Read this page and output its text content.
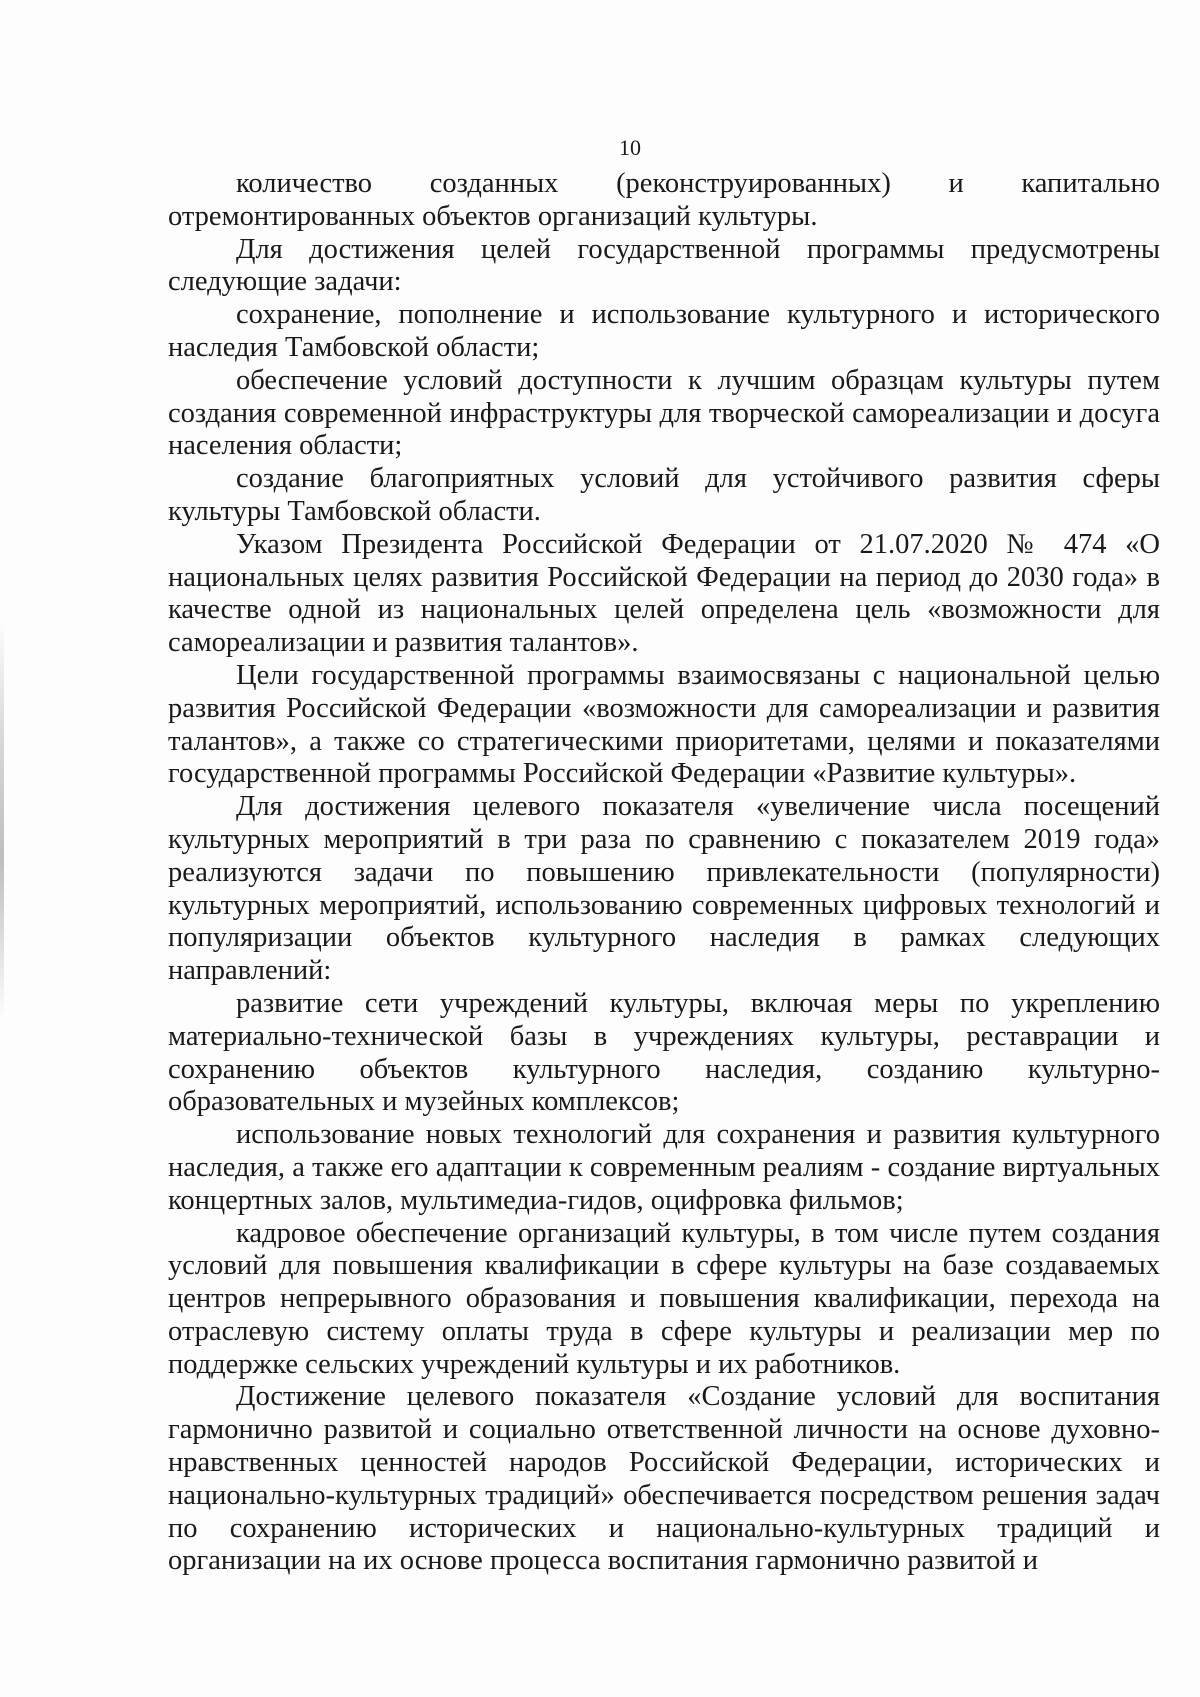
10

количество созданных (реконструированных) и капитально отремонтированных объектов организаций культуры.

Для достижения целей государственной программы предусмотрены следующие задачи:

сохранение, пополнение и использование культурного и исторического наследия Тамбовской области;

обеспечение условий доступности к лучшим образцам культуры путем создания современной инфраструктуры для творческой самореализации и досуга населения области;

создание благоприятных условий для устойчивого развития сферы культуры Тамбовской области.

Указом Президента Российской Федерации от 21.07.2020 № 474 «О национальных целях развития Российской Федерации на период до 2030 года» в качестве одной из национальных целей определена цель «возможности для самореализации и развития талантов».

Цели государственной программы взаимосвязаны с национальной целью развития Российской Федерации «возможности для самореализации и развития талантов», а также со стратегическими приоритетами, целями и показателями государственной программы Российской Федерации «Развитие культуры».

Для достижения целевого показателя «увеличение числа посещений культурных мероприятий в три раза по сравнению с показателем 2019 года» реализуются задачи по повышению привлекательности (популярности) культурных мероприятий, использованию современных цифровых технологий и популяризации объектов культурного наследия в рамках следующих направлений:

развитие сети учреждений культуры, включая меры по укреплению материально-технической базы в учреждениях культуры, реставрации и сохранению объектов культурного наследия, созданию культурно-образовательных и музейных комплексов;

использование новых технологий для сохранения и развития культурного наследия, а также его адаптации к современным реалиям - создание виртуальных концертных залов, мультимедиа-гидов, оцифровка фильмов;

кадровое обеспечение организаций культуры, в том числе путем создания условий для повышения квалификации в сфере культуры на базе создаваемых центров непрерывного образования и повышения квалификации, перехода на отраслевую систему оплаты труда в сфере культуры и реализации мер по поддержке сельских учреждений культуры и их работников.

Достижение целевого показателя «Создание условий для воспитания гармонично развитой и социально ответственной личности на основе духовно-нравственных ценностей народов Российской Федерации, исторических и национально-культурных традиций» обеспечивается посредством решения задач по сохранению исторических и национально-культурных традиций и организации на их основе процесса воспитания гармонично развитой и
